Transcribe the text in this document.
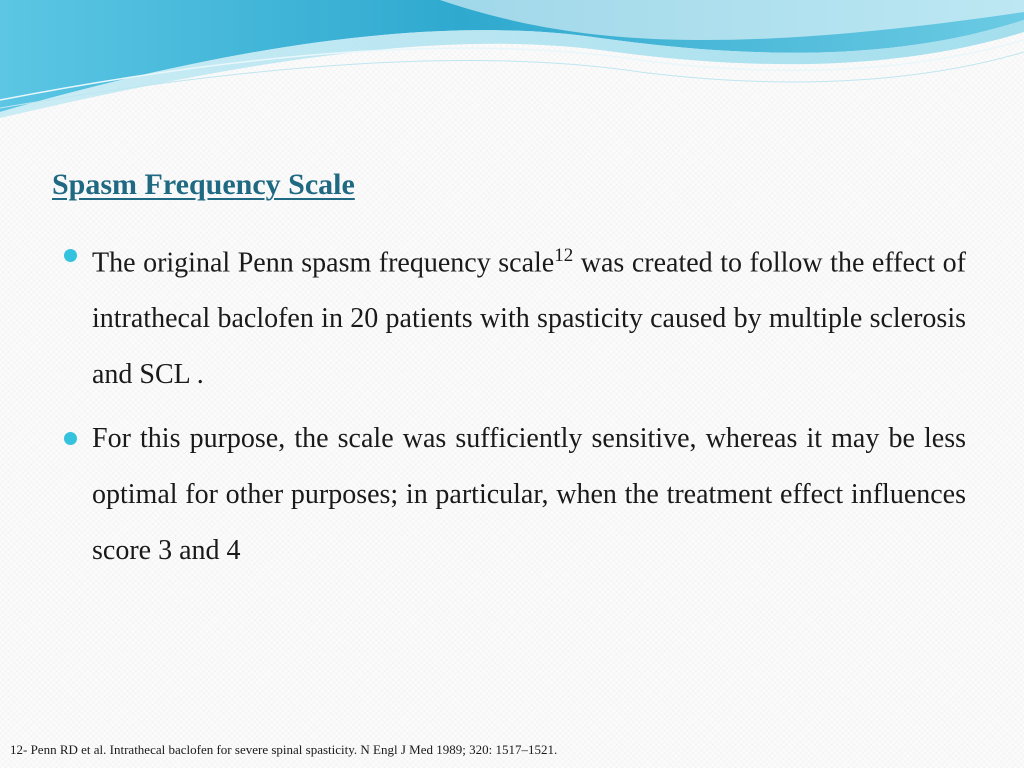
Spasm Frequency Scale
The original Penn spasm frequency scale$^{12}$ was created to follow the effect of intrathecal baclofen in 20 patients with spasticity caused by multiple sclerosis and SCL .
For this purpose, the scale was sufficiently sensitive, whereas it may be less optimal for other purposes; in particular, when the treatment effect influences score 3 and 4

12- Penn RD et al. Intrathecal baclofen for severe spinal spasticity. N Engl J Med 1989; 320: 1517–1521.
